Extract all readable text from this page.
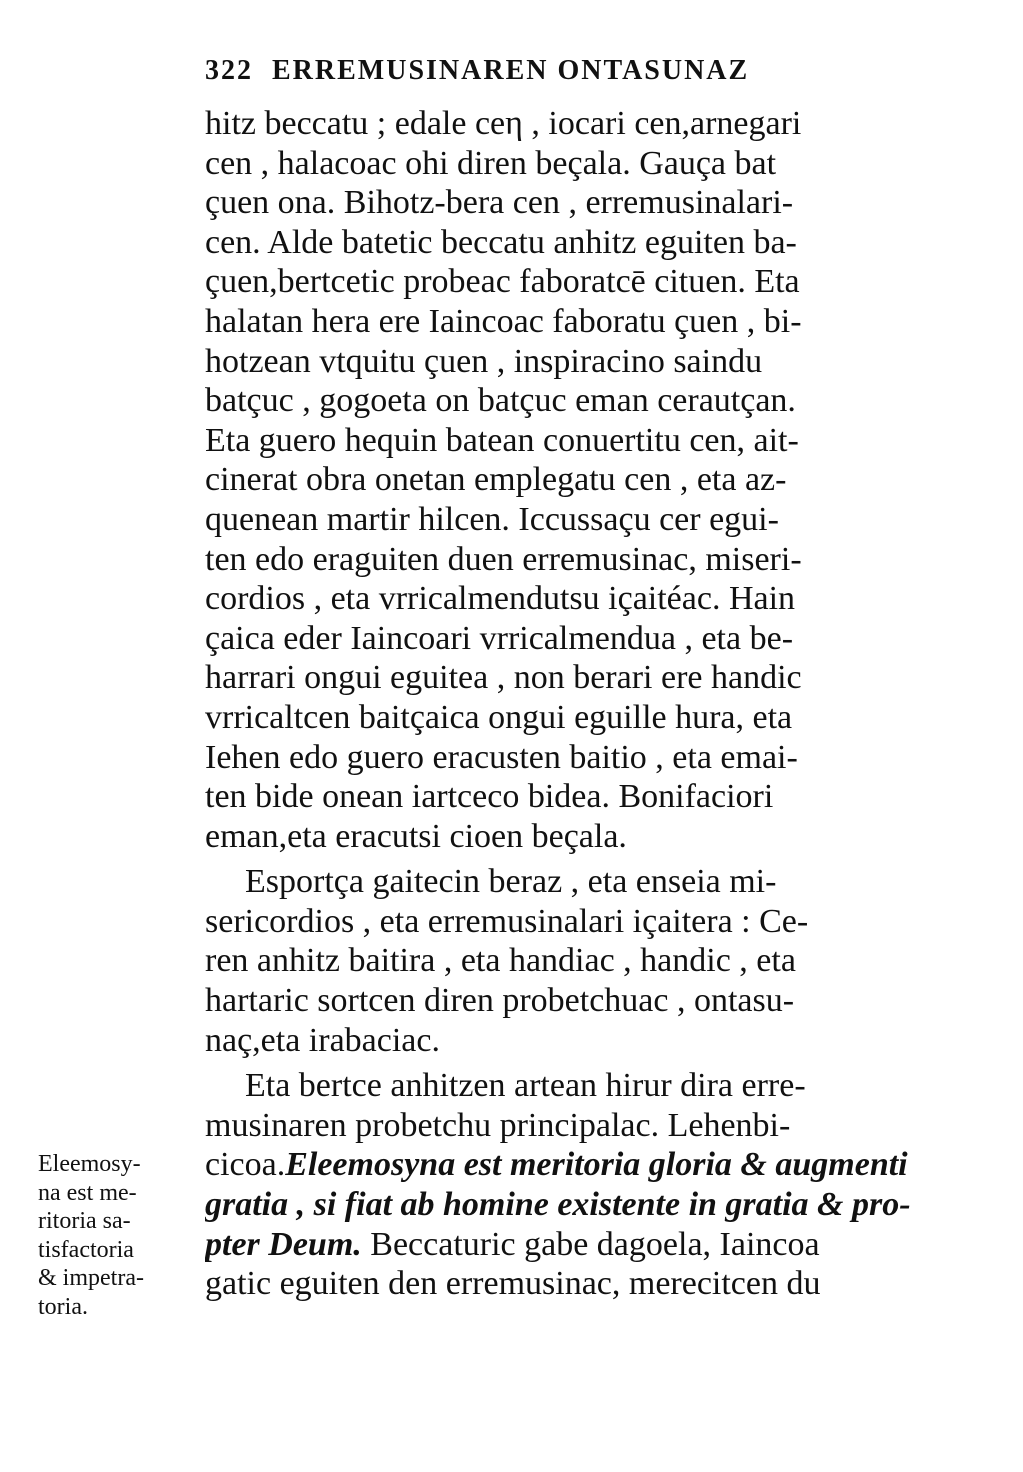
322 ERREMUSINAREN ONTASUNAZ
hitz beccatu ; edale ceη , iocari cen,arnegari
cen , halacoac ohi diren beçala. Gauça bat
çuen ona. Bihotz-bera cen , erremusinalari-
cen. Alde batetic beccatu anhitz eguiten ba-
çuen,bertcetic probeac faboratcē cituen. Eta
halatan hera ere Iaincoac faboratu çuen , bi-
hotzean vtquitu çuen , inspiracino saindu
batçuc , gogoeta on batçuc eman cerautçan.
Eta guero hequin batean conuertitu cen, ait-
cinerat obra onetan emplegatu cen , eta az-
quenean martir hilcen. Iccussaçu cer egui-
ten edo eraguiten duen erremusinac, miseri-
cordios , eta vrricalmendutsu içaitéac. Hain
çaica eder Iaincoari vrricalmendua , eta be-
harrari ongui eguitea , non berari ere handic
vrricaltcen baitçaica ongui eguille hura, eta
Iehen edo guero eracusten baitio , eta emai-
ten bide onean iartceco bidea. Bonifaciori
eman,eta eracutsi cioen beçala.
Esportça gaitecin beraz , eta enseia mi-
sericordios , eta erremusinalari içaitera : Ce-
ren anhitz baitira , eta handiac , handic , eta
hartaric sortcen diren probetchuac , ontasu-
naç,eta irabaciac.
Eta bertce anhitzen artean hirur dira erre-
musinaren probetchu principalac. Lehenbi-
cicoa.Eleemosyna est meritoria gloria & augmenti
gratia , si fiat ab homine existente in gratia & pro-
pter Deum. Beccaturic gabe dagoela, Iaincoa
gatic eguiten den erremusinac, merecitcen du
Eleemosy-
na est me-
ritoria sa-
tisfactoria
& impetra-
toria.
